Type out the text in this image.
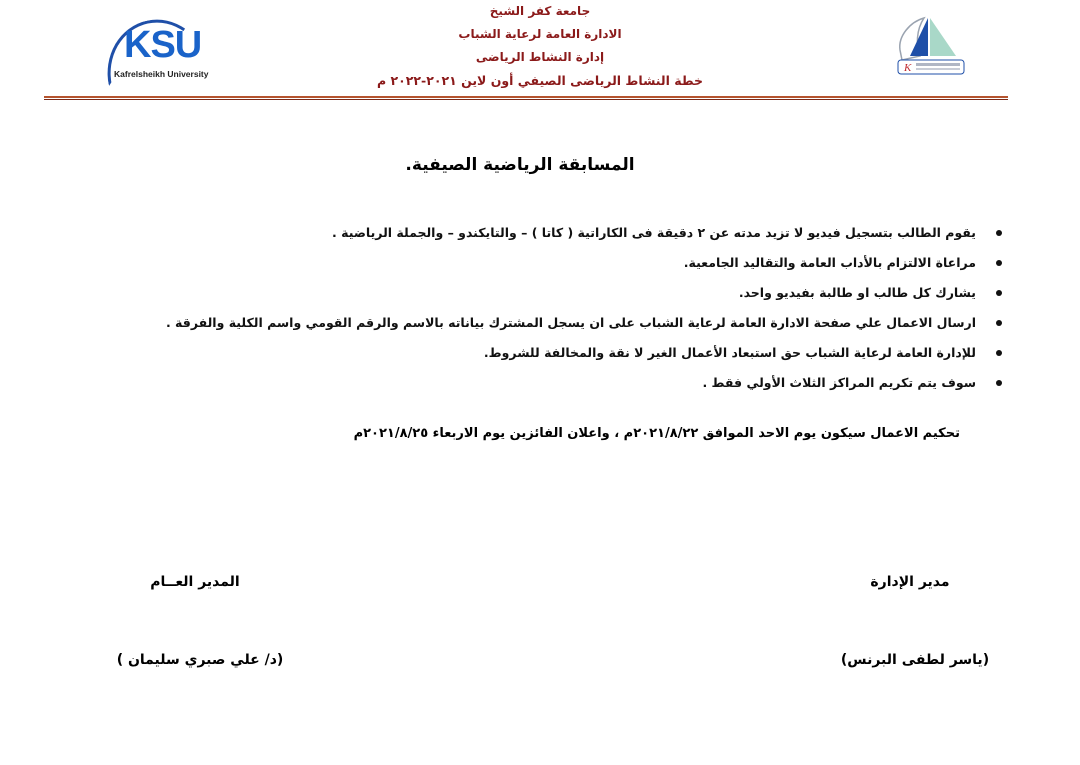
KSU
Kafrelsheikh University	K
جامعة كفر الشيخ
الادارة العامة لرعاية الشباب
إدارة النشاط الرياضى
خطة النشاط الرياضى الصيفي أون لاين ٢٠٢١-٢٠٢٢ م
المسابقة الرياضية الصيفية.
يقوم الطالب بتسجيل فيديو لا تزيد مدته عن ٢ دقيقة فى الكاراتية ( كاتا ) – والتايكندو – والجملة الرياضية .
مراعاة الالتزام بالأداب العامة والتقاليد الجامعية.
يشارك كل طالب او طالبة بفيديو واحد.
ارسال الاعمال علي صفحة الادارة العامة لرعاية الشباب على ان يسجل المشترك بياناته بالاسم والرقم القومي واسم الكلية والفرقة .
للإدارة العامة لرعاية الشباب حق استبعاد الأعمال الغير لا نقة والمخالفة للشروط.
سوف يتم تكريم المراكز الثلاث الأولي فقط .
تحكيم الاعمال سيكون يوم الاحد الموافق ٢٠٢١/٨/٢٢م ، واعلان الفائزين يوم الاربعاء ٢٠٢١/٨/٢٥م
مدير الإدارة
(ياسر لطفى البرنس)
المدير العــام
(د/ علي صبري سليمان )
